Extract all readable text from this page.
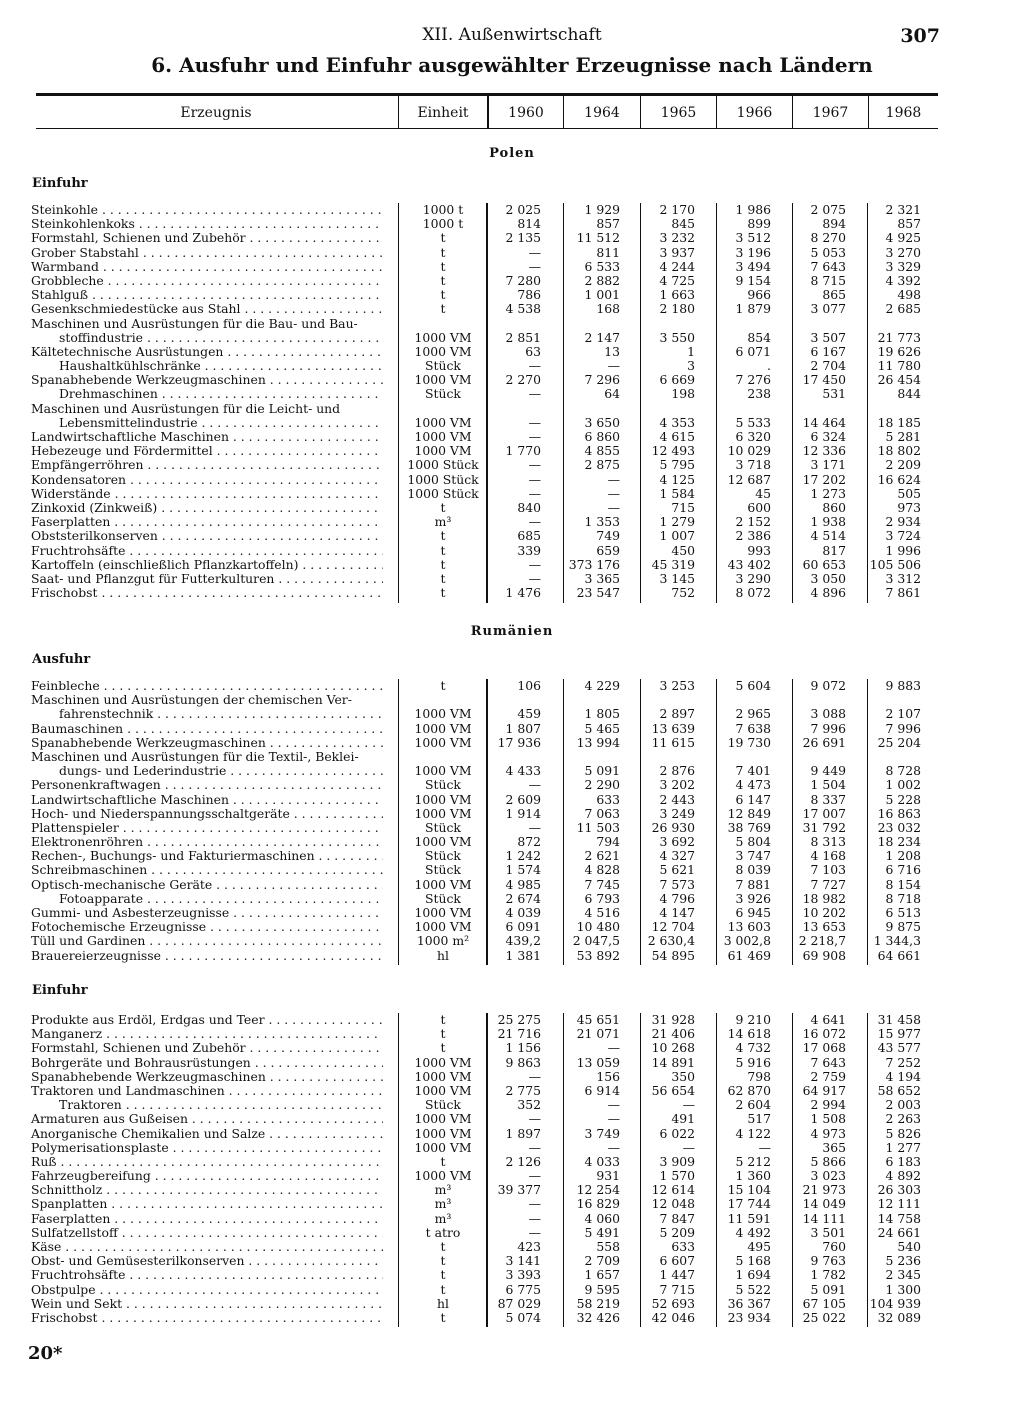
XII. Außenwirtschaft	307
6. Ausfuhr und Einfuhr ausgewählter Erzeugnisse nach Ländern
Erzeugnis	Einheit	1960	1964	1965	1966	1967	1968
Polen
Einfuhr
Steinkohle . . .	1000 t	2 025	1 929	2 170	1 986	2 075	2 321
Steinkohlenkoks . . .	1000 t	814	857	845	899	894	857
Formstahl, Schienen und Zubehör . . .	t	2 135	11 512	3 232	3 512	8 270	4 925
Grober Stabstahl . . .	t	—	811	3 937	3 196	5 053	3 270
Warmband . . .	t	—	6 533	4 244	3 494	7 643	3 329
Grobbleche . . .	t	7 280	2 882	4 725	9 154	8 715	4 392
Stahlguß . . .	t	786	1 001	1 663	966	865	498
Gesenkschmiedestücke aus Stahl . . .	t	4 538	168	2 180	1 879	3 077	2 685
Maschinen und Ausrüstungen für die Bau- und Bau-
stoffindustrie . . .	1000 VM	2 851	2 147	3 550	854	3 507	21 773
Kältetechnische Ausrüstungen . . .	1000 VM	63	13	1	6 071	6 167	19 626
Haushaltkühlschränke . . .	Stück	—	—	3	.	2 704	11 780
Spanabhebende Werkzeugmaschinen . . .	1000 VM	2 270	7 296	6 669	7 276	17 450	26 454
Drehmaschinen . . .	Stück	—	64	198	238	531	844
Maschinen und Ausrüstungen für die Leicht- und
Lebensmittelindustrie . . .	1000 VM	—	3 650	4 353	5 533	14 464	18 185
Landwirtschaftliche Maschinen . . .	1000 VM	—	6 860	4 615	6 320	6 324	5 281
Hebezeuge und Fördermittel . . .	1000 VM	1 770	4 855	12 493	10 029	12 336	18 802
Empfängerröhren . . .	1000 Stück	—	2 875	5 795	3 718	3 171	2 209
Kondensatoren . . .	1000 Stück	—	—	4 125	12 687	17 202	16 624
Widerstände . . .	1000 Stück	—	—	1 584	45	1 273	505
Zinkoxid (Zinkweiß) . . .	t	840	—	715	600	860	973
Faserplatten . . .	m³	—	1 353	1 279	2 152	1 938	2 934
Obststerilkonserven . . .	t	685	749	1 007	2 386	4 514	3 724
Fruchtrohsäfte . . .	t	339	659	450	993	817	1 996
Kartoffeln (einschließlich Pflanzkartoffeln) . . .	t	—	373 176	45 319	43 402	60 653	105 506
Saat- und Pflanzgut für Futterkulturen . . .	t	—	3 365	3 145	3 290	3 050	3 312
Frischobst . . .	t	1 476	23 547	752	8 072	4 896	7 861
Rumänien
Ausfuhr
Feinbleche . . .	t	106	4 229	3 253	5 604	9 072	9 883
Maschinen und Ausrüstungen der chemischen Ver-
fahrenstechnik . . .	1000 VM	459	1 805	2 897	2 965	3 088	2 107
Baumaschinen . . .	1000 VM	1 807	5 465	13 639	7 638	7 996	7 996
Spanabhebende Werkzeugmaschinen . . .	1000 VM	17 936	13 994	11 615	19 730	26 691	25 204
Maschinen und Ausrüstungen für die Textil-, Beklei-
dungs- und Lederindustrie . . .	1000 VM	4 433	5 091	2 876	7 401	9 449	8 728
Personenkraftwagen . . .	Stück	—	2 290	3 202	4 473	1 504	1 002
Landwirtschaftliche Maschinen . . .	1000 VM	2 609	633	2 443	6 147	8 337	5 228
Hoch- und Niederspannungsschaltgeräte . . .	1000 VM	1 914	7 063	3 249	12 849	17 007	16 863
Plattenspieler . . .	Stück	—	11 503	26 930	38 769	31 792	23 032
Elektronenröhren . . .	1000 VM	872	794	3 692	5 804	8 313	18 234
Rechen-, Buchungs- und Fakturiermaschinen . . .	Stück	1 242	2 621	4 327	3 747	4 168	1 208
Schreibmaschinen . . .	Stück	1 574	4 828	5 621	8 039	7 103	6 716
Optisch-mechanische Geräte . . .	1000 VM	4 985	7 745	7 573	7 881	7 727	8 154
Fotoapparate . . .	Stück	2 674	6 793	4 796	3 926	18 982	8 718
Gummi- und Asbesterzeugnisse . . .	1000 VM	4 039	4 516	4 147	6 945	10 202	6 513
Fotochemische Erzeugnisse . . .	1000 VM	6 091	10 480	12 704	13 603	13 653	9 875
Tüll und Gardinen . . .	1000 m²	439,2	2 047,5	2 630,4	3 002,8	2 218,7	1 344,3
Brauereierzeugnisse . . .	hl	1 381	53 892	54 895	61 469	69 908	64 661
Einfuhr
Produkte aus Erdöl, Erdgas und Teer . . .	t	25 275	45 651	31 928	9 210	4 641	31 458
Manganerz . . .	t	21 716	21 071	21 406	14 618	16 072	15 977
Formstahl, Schienen und Zubehör . . .	t	1 156	—	10 268	4 732	17 068	43 577
Bohrgeräte und Bohrausrüstungen . . .	1000 VM	9 863	13 059	14 891	5 916	7 643	7 252
Spanabhebende Werkzeugmaschinen . . .	1000 VM	—	156	350	798	2 759	4 194
Traktoren und Landmaschinen . . .	1000 VM	2 775	6 914	56 654	62 870	64 917	58 652
Traktoren . . .	Stück	352	—	—	2 604	2 994	2 003
Armaturen aus Gußeisen . . .	1000 VM	—	—	491	517	1 508	2 263
Anorganische Chemikalien und Salze . . .	1000 VM	1 897	3 749	6 022	4 122	4 973	5 826
Polymerisationsplaste . . .	1000 VM	—	—	—	—	365	1 277
Ruß . . .	t	2 126	4 033	3 909	5 212	5 866	6 183
Fahrzeugbereifung . . .	1000 VM	—	931	1 570	1 360	3 023	4 892
Schnittholz . . .	m³	39 377	12 254	12 614	15 104	21 973	26 303
Spanplatten . . .	m³	—	16 829	12 048	17 744	14 049	12 111
Faserplatten . . .	m³	—	4 060	7 847	11 591	14 111	14 758
Sulfatzellstoff . . .	t atro	—	5 491	5 209	4 492	3 501	24 661
Käse . . .	t	423	558	633	495	760	540
Obst- und Gemüsesterilkonserven . . .	t	3 141	2 709	6 607	5 168	9 763	5 236
Fruchtrohsäfte . . .	t	3 393	1 657	1 447	1 694	1 782	2 345
Obstpulpe . . .	t	6 775	9 595	7 715	5 522	5 091	1 300
Wein und Sekt . . .	hl	87 029	58 219	52 693	36 367	67 105	104 939
Frischobst . . .	t	5 074	32 426	42 046	23 934	25 022	32 089
20*
